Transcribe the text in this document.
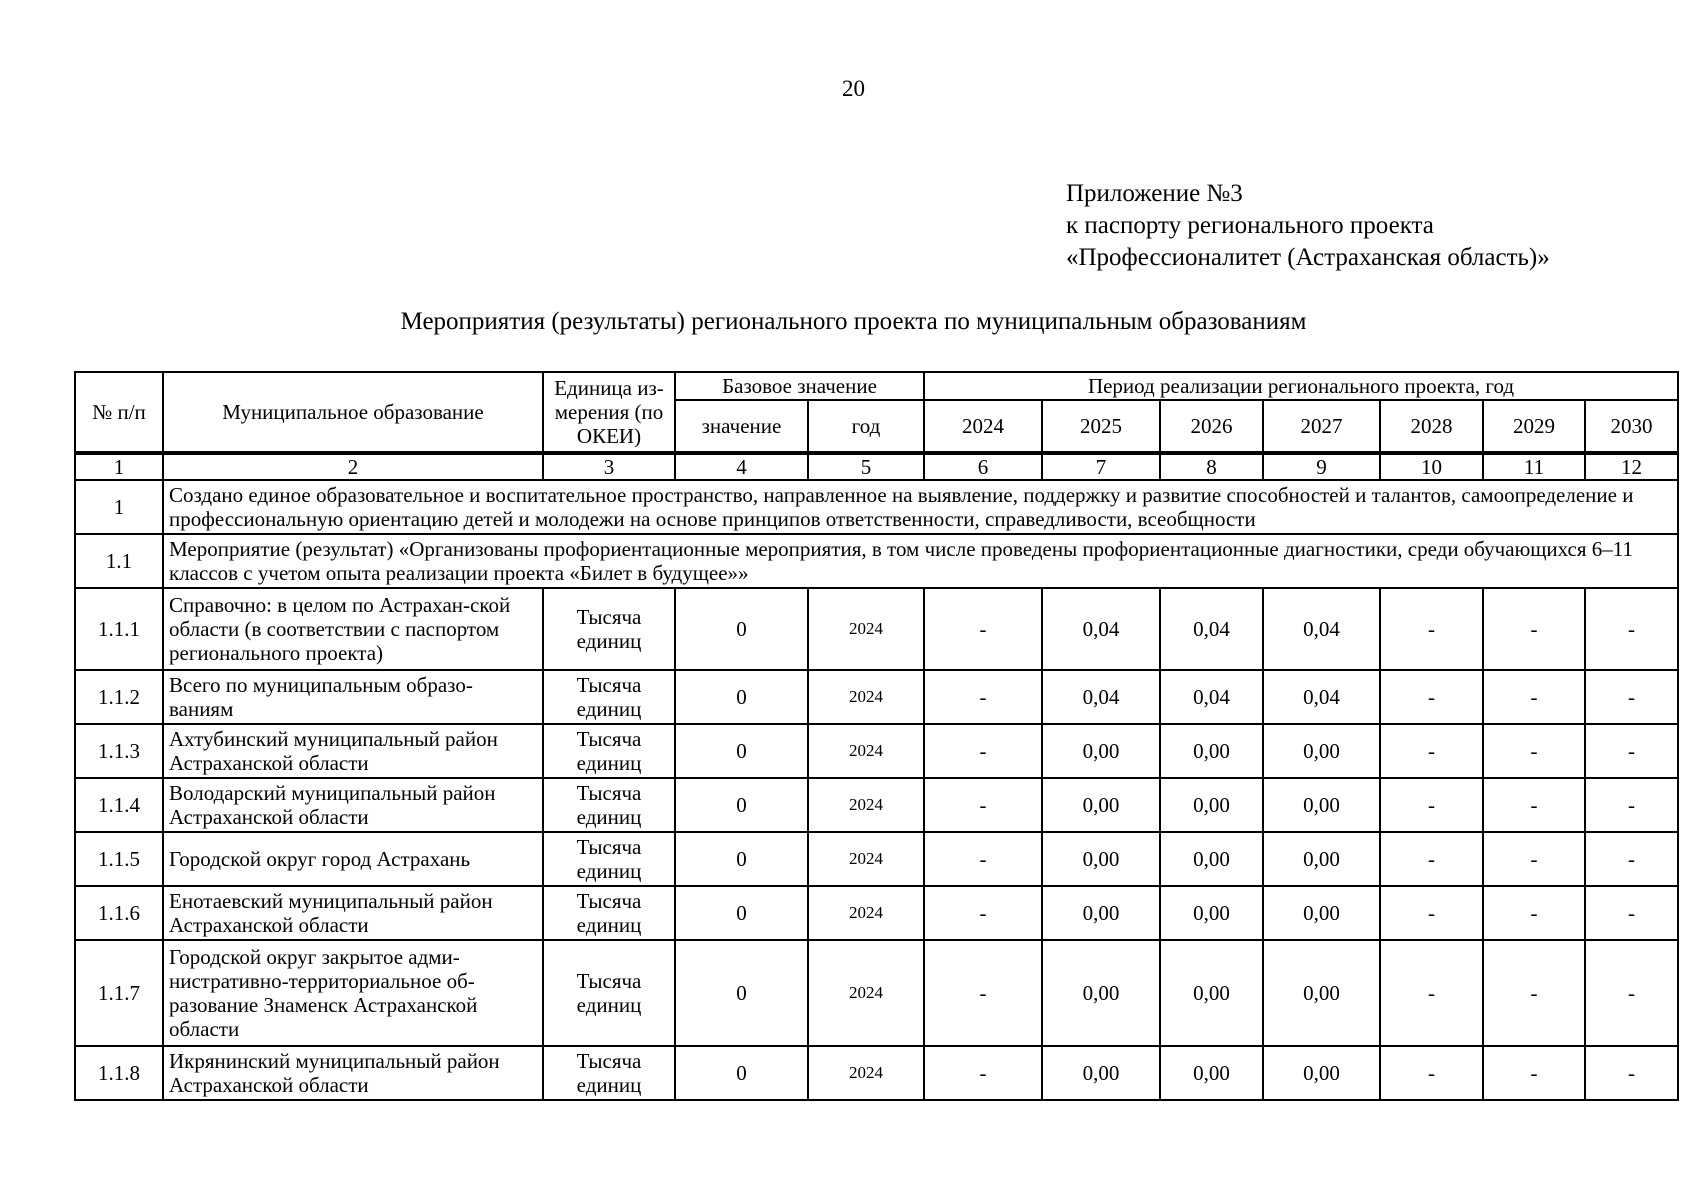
20
Приложение №3
к паспорту регионального проекта
«Профессионалитет (Астраханская область)»
Мероприятия (результаты) регионального проекта по муниципальным образованиям
№ п/п	Муниципальное образование	Единица из-мерения (по ОКЕИ)	Базовое значение		Период реализации регионального проекта, год						
			значение	год	2024	2025	2026	2027	2028	2029	2030
1	2	3	4	5	6	7	8	9	10	11	12
1	Создано единое образовательное и воспитательное пространство, направленное на выявление, поддержку и развитие способностей и талантов, самоопределение и профессиональную ориентацию детей и молодежи на основе принципов ответственности, справедливости, всеобщности										
1.1	Мероприятие (результат) «Организованы профориентационные мероприятия, в том числе проведены профориентационные диагностики, среди обучающихся 6–11 классов с учетом опыта реализации проекта «Билет в будущее»»										
1.1.1	Справочно: в целом по Астрахан-ской области (в соответствии с паспортом регионального проекта)	Тысяча единиц	0	2024	-	0,04	0,04	0,04	-	-	-
1.1.2	Всего по муниципальным образо-ваниям	Тысяча единиц	0	2024	-	0,04	0,04	0,04	-	-	-
1.1.3	Ахтубинский муниципальный район Астраханской области	Тысяча единиц	0	2024	-	0,00	0,00	0,00	-	-	-
1.1.4	Володарский муниципальный район Астраханской области	Тысяча единиц	0	2024	-	0,00	0,00	0,00	-	-	-
1.1.5	Городской округ город Астрахань	Тысяча единиц	0	2024	-	0,00	0,00	0,00	-	-	-
1.1.6	Енотаевский муниципальный район Астраханской области	Тысяча единиц	0	2024	-	0,00	0,00	0,00	-	-	-
1.1.7	Городской округ закрытое адми-нистративно-территориальное об-разование Знаменск Астраханской области	Тысяча единиц	0	2024	-	0,00	0,00	0,00	-	-	-
1.1.8	Икрянинский муниципальный район Астраханской области	Тысяча единиц	0	2024	-	0,00	0,00	0,00	-	-	-
